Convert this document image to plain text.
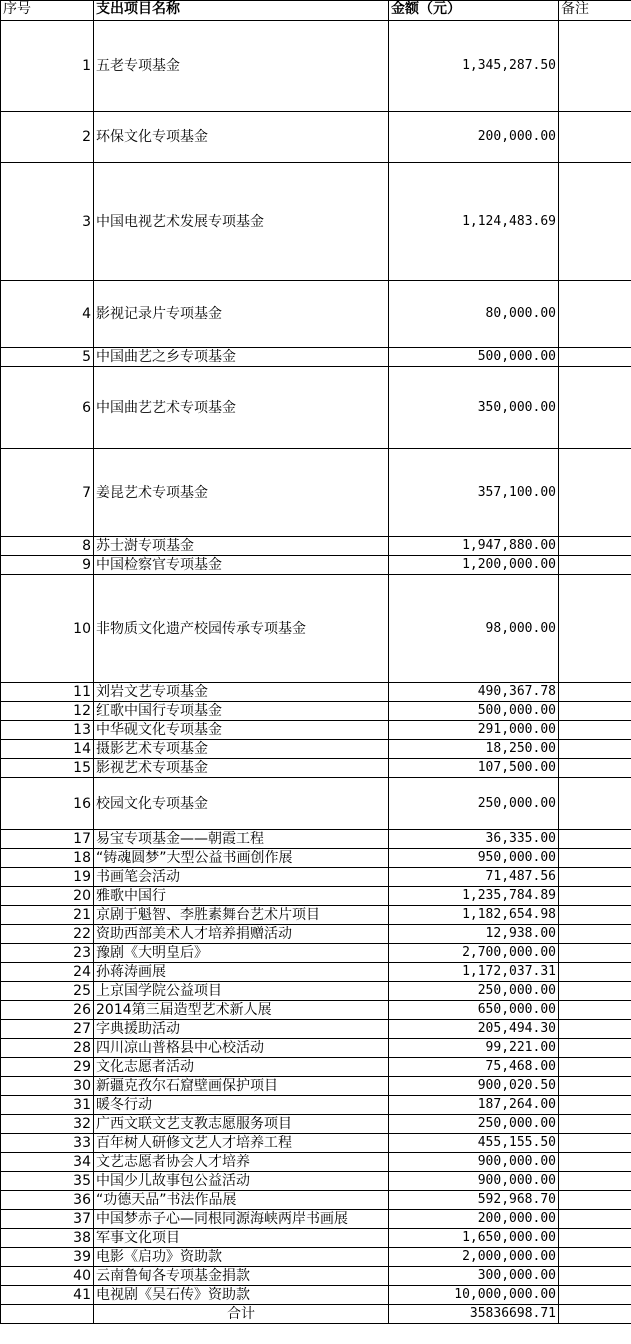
序号	支出项目名称	金额（元）	备注
1	五老专项基金	1,345,287.50	
2	环保文化专项基金	200,000.00	
3	中国电视艺术发展专项基金	1,124,483.69	
4	影视记录片专项基金	80,000.00	
5	中国曲艺之乡专项基金	500,000.00	
6	中国曲艺艺术专项基金	350,000.00	
7	姜昆艺术专项基金	357,100.00	
8	苏士澍专项基金	1,947,880.00	
9	中国检察官专项基金	1,200,000.00	
10	非物质文化遗产校园传承专项基金	98,000.00	
11	刘岩文艺专项基金	490,367.78	
12	红歌中国行专项基金	500,000.00	
13	中华砚文化专项基金	291,000.00	
14	摄影艺术专项基金	18,250.00	
15	影视艺术专项基金	107,500.00	
16	校园文化专项基金	250,000.00	
17	易宝专项基金——朝霞工程	36,335.00	
18	“铸魂圆梦”大型公益书画创作展	950,000.00	
19	书画笔会活动	71,487.56	
20	雅歌中国行	1,235,784.89	
21	京剧于魁智、李胜素舞台艺术片项目	1,182,654.98	
22	资助西部美术人才培养捐赠活动	12,938.00	
23	豫剧《大明皇后》	2,700,000.00	
24	孙蒋涛画展	1,172,037.31	
25	上京国学院公益项目	250,000.00	
26	2014第三届造型艺术新人展	650,000.00	
27	字典援助活动	205,494.30	
28	四川凉山普格县中心校活动	99,221.00	
29	文化志愿者活动	75,468.00	
30	新疆克孜尔石窟壁画保护项目	900,020.50	
31	暖冬行动	187,264.00	
32	广西文联文艺支教志愿服务项目	250,000.00	
33	百年树人研修文艺人才培养工程	455,155.50	
34	文艺志愿者协会人才培养	900,000.00	
35	中国少儿故事包公益活动	900,000.00	
36	“功德天品”书法作品展	592,968.70	
37	中国梦赤子心—同根同源海峡两岸书画展	200,000.00	
38	军事文化项目	1,650,000.00	
39	电影《启功》资助款	2,000,000.00	
40	云南鲁甸各专项基金捐款	300,000.00	
41	电视剧《吴石传》资助款	10,000,000.00	
	合计	35836698.71	
